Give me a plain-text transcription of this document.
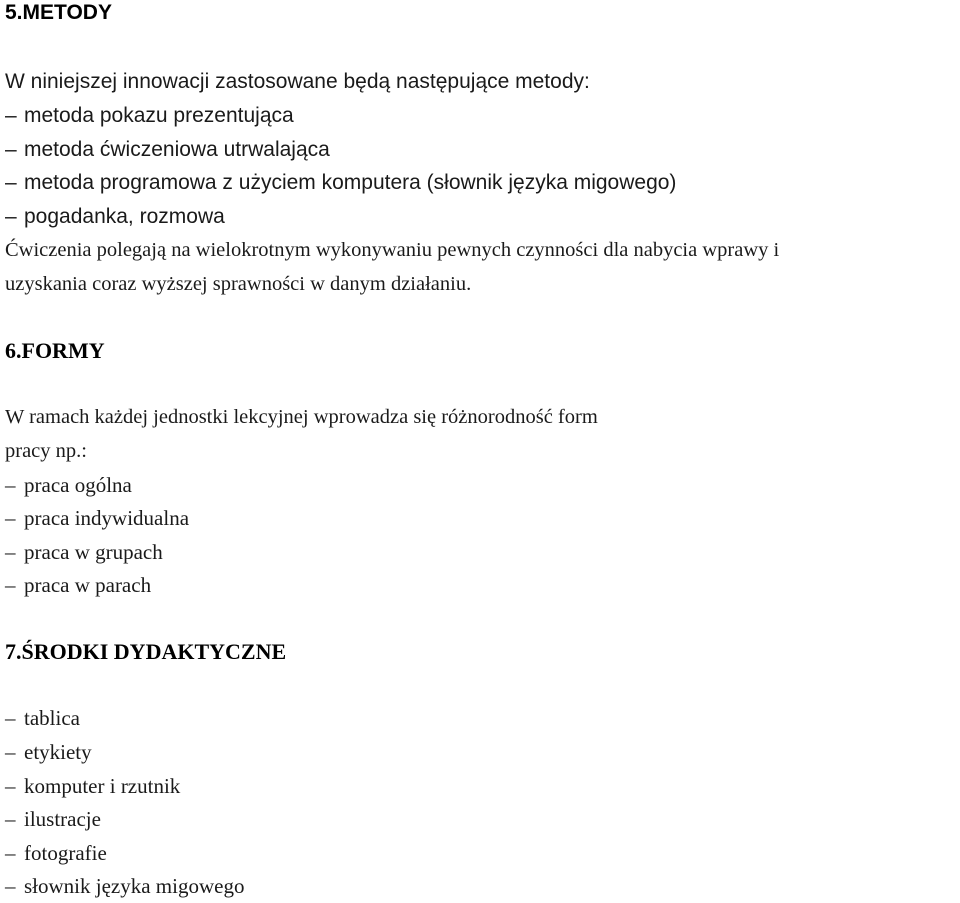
5.METODY
W niniejszej innowacji zastosowane będą następujące metody:
– metoda pokazu prezentująca
– metoda ćwiczeniowa utrwalająca
– metoda programowa z użyciem komputera (słownik języka migowego)
– pogadanka, rozmowa
Ćwiczenia polegają na wielokrotnym wykonywaniu pewnych czynności dla nabycia wprawy i
uzyskania coraz wyższej sprawności w danym działaniu.
6.FORMY
W ramach każdej jednostki lekcyjnej wprowadza się różnorodność form
pracy np.:
– praca ogólna
– praca indywidualna
– praca w grupach
– praca w parach
7.ŚRODKI DYDAKTYCZNE
– tablica
– etykiety
– komputer i rzutnik
– ilustracje
– fotografie
– słownik języka migowego
